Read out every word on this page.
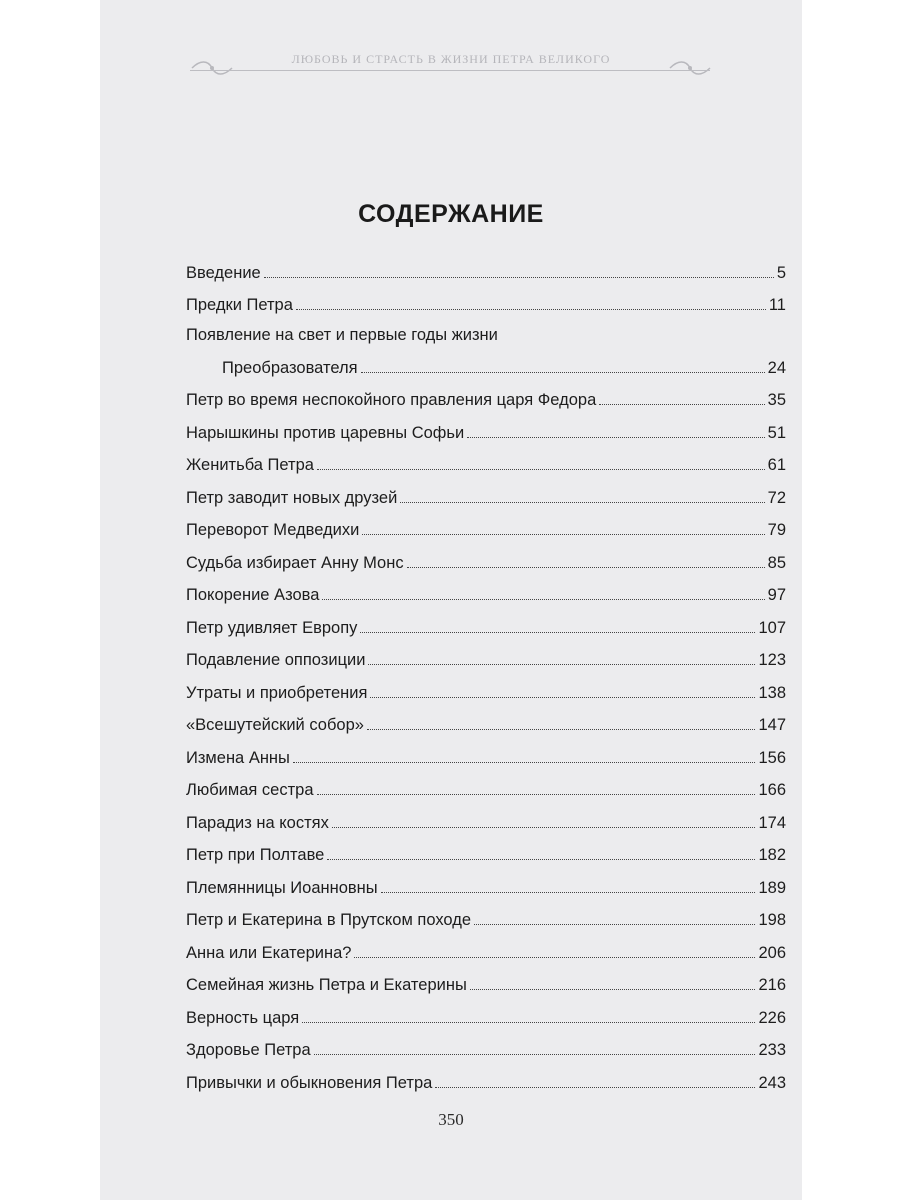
ЛЮБОВЬ И СТРАСТЬ В ЖИЗНИ ПЕТРА ВЕЛИКОГО
СОДЕРЖАНИЕ
Введение	5
Предки Петра	11
Появление на свет и первые годы жизни
Преобразователя	24
Петр во время неспокойного правления царя Федора	35
Нарышкины против царевны Софьи	51
Женитьба Петра	61
Петр заводит новых друзей	72
Переворот Медведихи	79
Судьба избирает Анну Монс	85
Покорение Азова	97
Петр удивляет Европу	107
Подавление оппозиции	123
Утраты и приобретения	138
«Всешутейский собор»	147
Измена Анны	156
Любимая сестра	166
Парадиз на костях	174
Петр при Полтаве	182
Племянницы Иоанновны	189
Петр и Екатерина в Прутском походе	198
Анна или Екатерина?	206
Семейная жизнь Петра и Екатерины	216
Верность царя	226
Здоровье Петра	233
Привычки и обыкновения Петра	243
350
